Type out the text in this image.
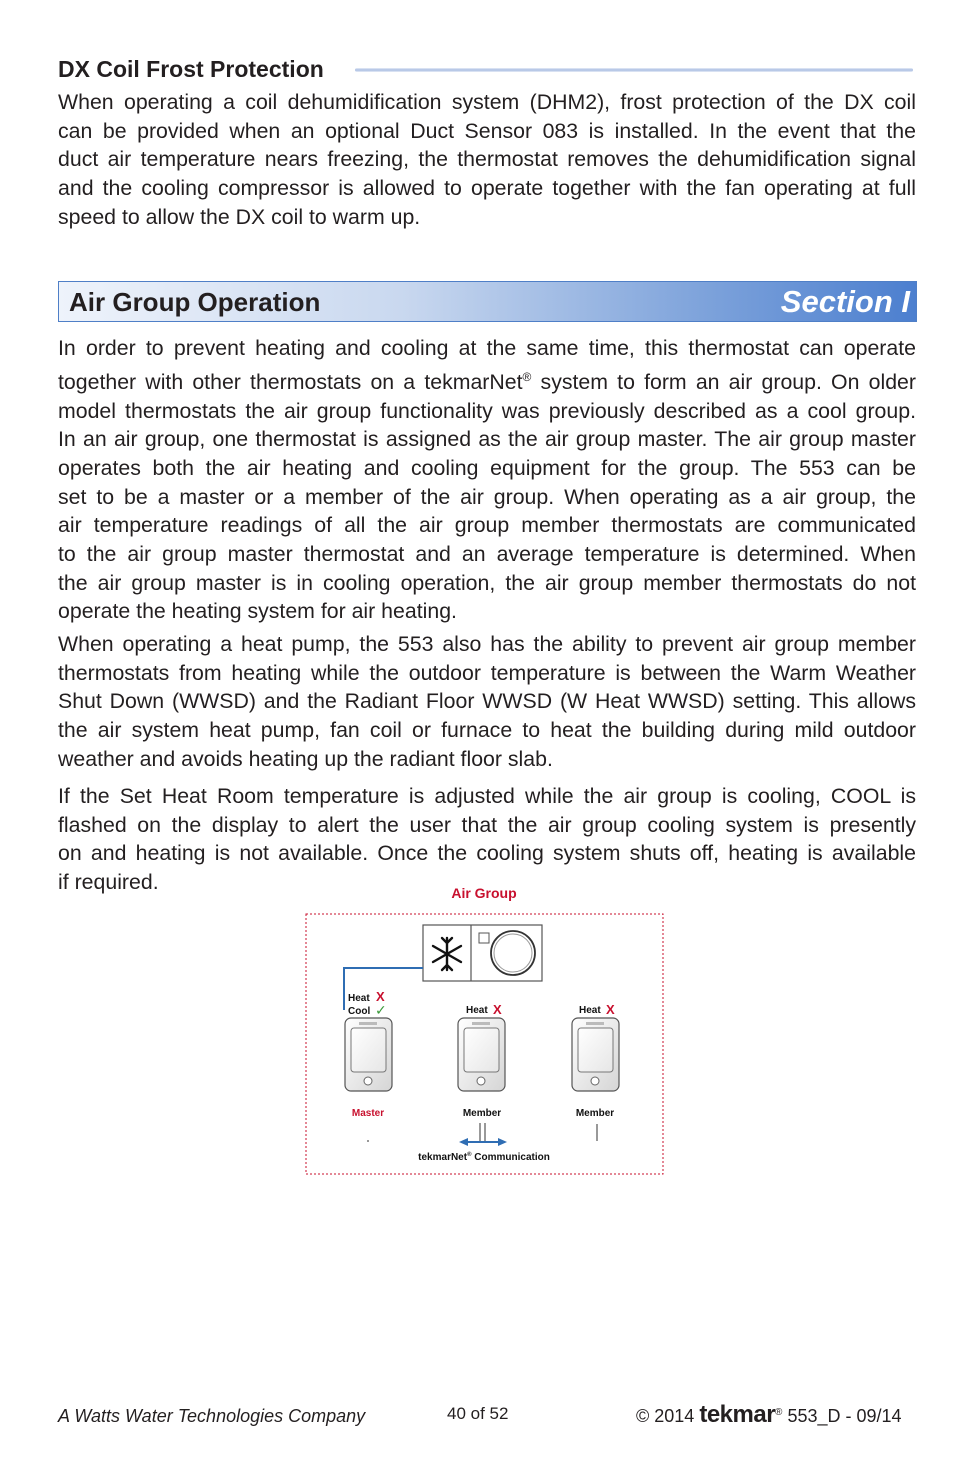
DX Coil Frost Protection
When operating a coil dehumidification system (DHM2), frost protection of the DX coil
can be provided when an optional Duct Sensor 083 is installed. In the event that the
duct air temperature nears freezing, the thermostat removes the dehumidification signal
and the cooling compressor is allowed to operate together with the fan operating at full
speed to allow the DX coil to warm up.
Air Group Operation	Section I
In order to prevent heating and cooling at the same time, this thermostat can operate
together with other thermostats on a tekmarNet® system to form an air group. On older
model thermostats the air group functionality was previously described as a cool group.
In an air group, one thermostat is assigned as the air group master. The air group master
operates both the air heating and cooling equipment for the group. The 553 can be
set to be a master or a member of the air group. When operating as a air group, the
air temperature readings of all the air group member thermostats are communicated
to the air group master thermostat and an average temperature is determined. When
the air group master is in cooling operation, the air group member thermostats do not
operate the heating system for air heating.
When operating a heat pump, the 553 also has the ability to prevent air group member
thermostats from heating while the outdoor temperature is between the Warm Weather
Shut Down (WWSD) and the Radiant Floor WWSD (W Heat WWSD) setting. This allows
the air system heat pump, fan coil or furnace to heat the building during mild outdoor
weather and avoids heating up the radiant floor slab.
If the Set Heat Room temperature is adjusted while the air group is cooling, COOL is
flashed on the display to alert the user that the air group cooling system is presently
on and heating is not available. Once the cooling system shuts off, heating is available
if required.	Air Group
Heat X
Cool ✓
Master
Heat X
Member
Heat X
Member
tekmarNet® Communication
A Watts Water Technologies Company	40 of 52	© 2014 tekmar® 553_D - 09/14
